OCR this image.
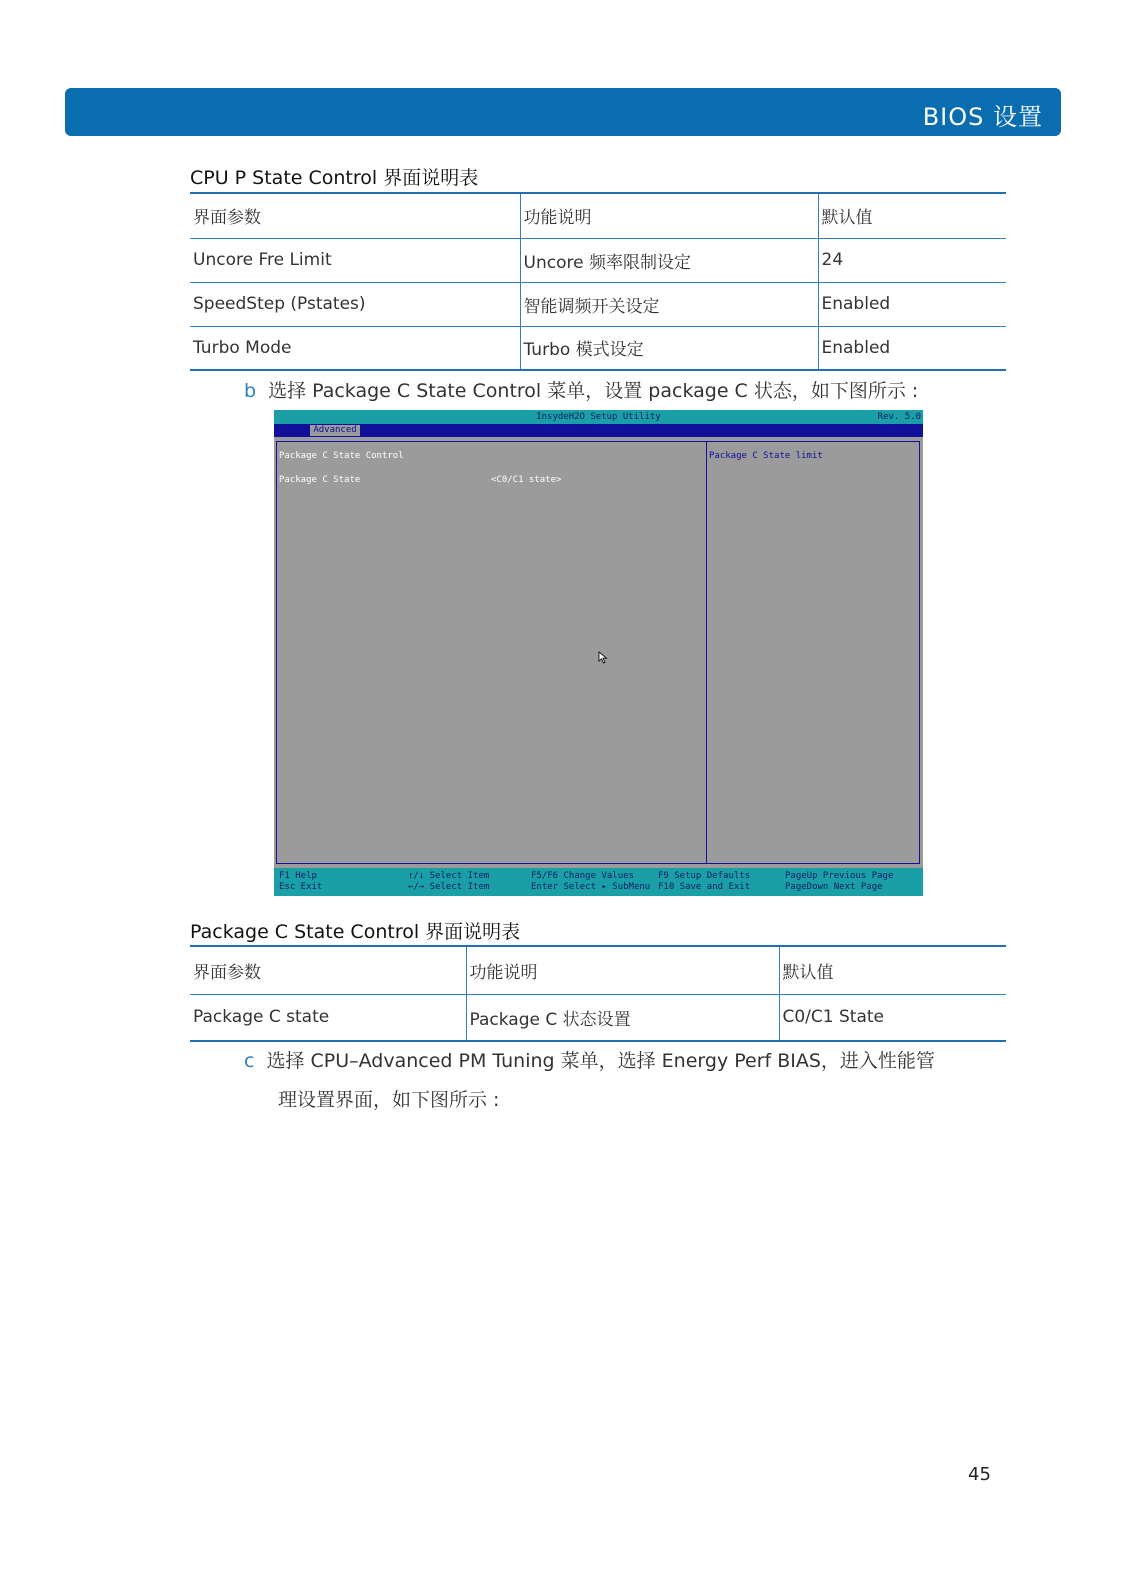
BIOS 设置
CPU P State Control 界面说明表
界面参数	功能说明	默认值
Uncore Fre Limit	Uncore 频率限制设定	24
SpeedStep (Pstates)	智能调频开关设定	Enabled
Turbo Mode	Turbo 模式设定	Enabled
b 选择 Package C State Control 菜单，设置 package C 状态，如下图所示 :
InsydeH2O Setup Utility	Rev. 5.0
Advanced
Package C State Control
Package C State	<C0/C1 state>
Package C State limit
F1 Help
Esc Exit
↑/↓ Select Item
←/→ Select Item
F5/F6 Change Values
Enter Select ▸ SubMenu
F9 Setup Defaults
F10 Save and Exit
PageUp Previous Page
PageDown Next Page
Package C State Control 界面说明表
界面参数	功能说明	默认值
Package C state	Package C 状态设置	C0/C1 State
c 选择 CPU–Advanced PM Tuning 菜单，选择 Energy Perf BIAS，进入性能管
理设置界面，如下图所示 :
45
